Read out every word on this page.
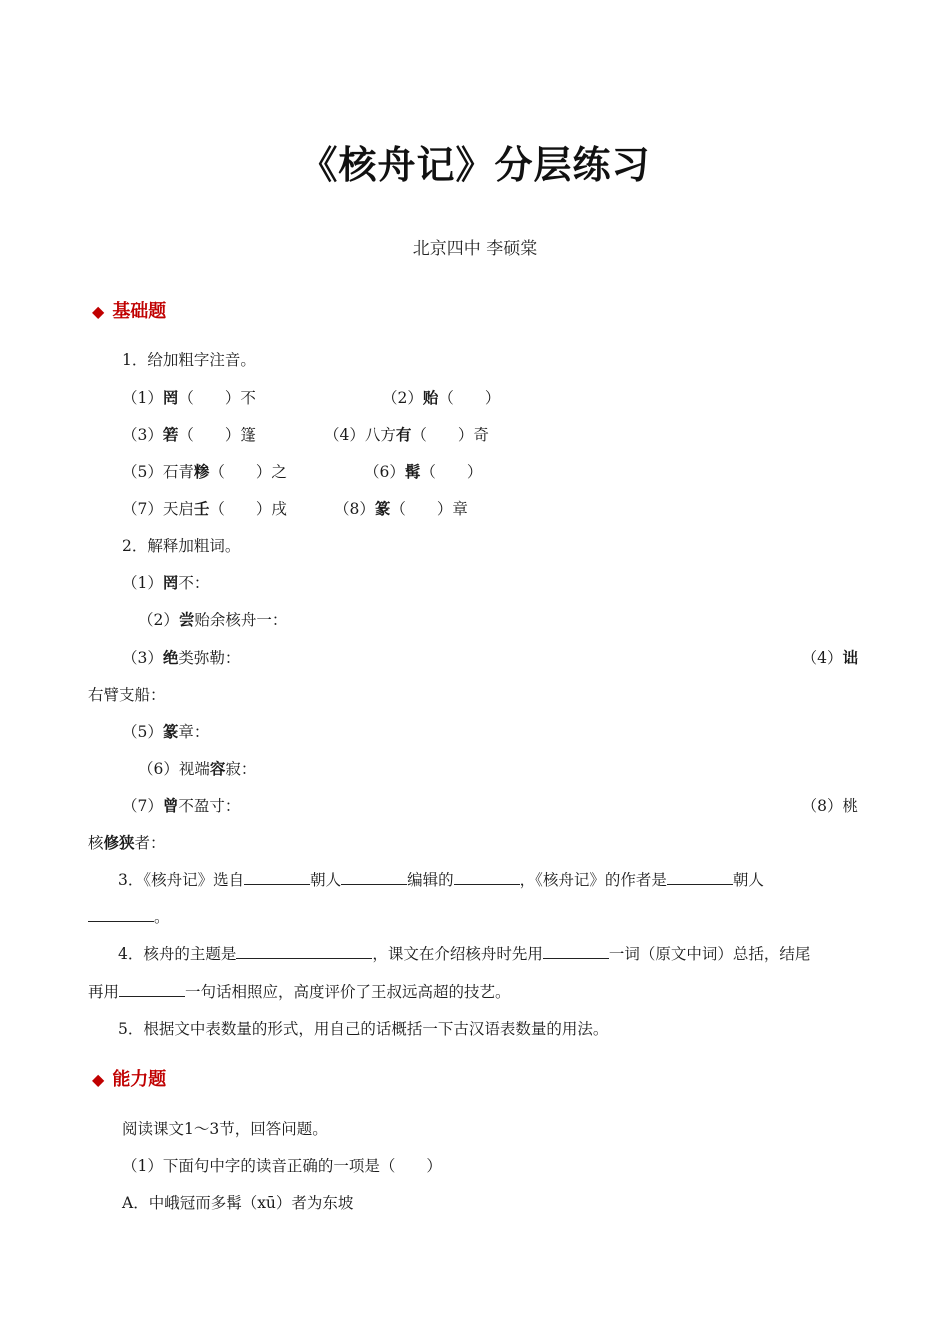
《核舟记》分层练习
北京四中 李硕棠
◆ 基础题
1．给加粗字注音。
（1）罔（　　）不	（2）贻（　　）
（3）箬（　　）篷	（4）八方有（　　）奇
（5）石青糁（　　）之	（6）髯（　　）
（7）天启壬（　　）戌	（8）篆（　　）章
2．解释加粗词。
（1）罔不：
（2）尝贻余核舟一：
（3）绝类弥勒：	（4）诎
右臂支船：
（5）篆章：
（6）视端容寂：
（7）曾不盈寸：	（8）桃
核修狭者：
3．《核舟记》选自	朝人	编辑的	，《核舟记》的作者是	朝人
。
4．核舟的主题是	，课文在介绍核舟时先用	一词（原文中词）总括，结尾
再用	一句话相照应，高度评价了王叔远高超的技艺。
5．根据文中表数量的形式，用自己的话概括一下古汉语表数量的用法。
◆ 能力题
阅读课文1～3节，回答问题。
（1）下面句中字的读音正确的一项是（　　）
A．中峨冠而多髯（xū）者为东坡
